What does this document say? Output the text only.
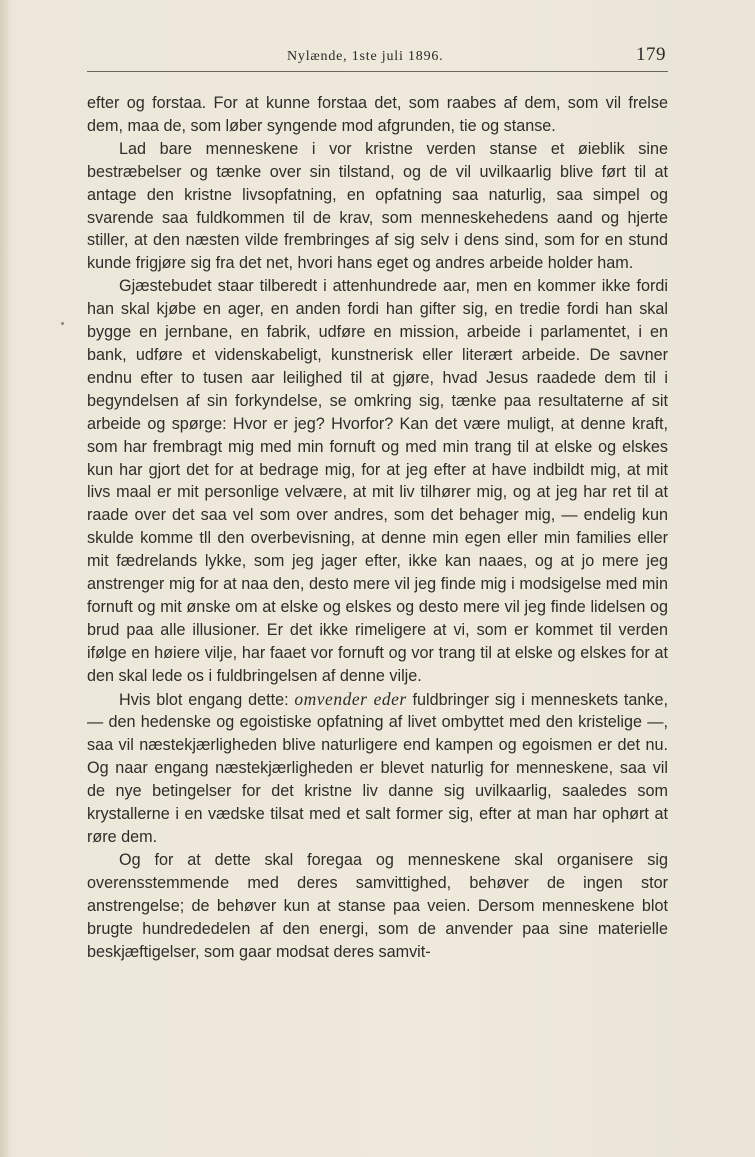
Nylænde, 1ste juli 1896.	179

efter og forstaa. For at kunne forstaa det, som raabes af dem, som vil frelse dem, maa de, som løber syngende mod afgrunden, tie og stanse.

Lad bare menneskene i vor kristne verden stanse et øieblik sine bestræbelser og tænke over sin tilstand, og de vil uvilkaarlig blive ført til at antage den kristne livsopfatning, en opfatning saa naturlig, saa simpel og svarende saa fuldkommen til de krav, som menneskehedens aand og hjerte stiller, at den næsten vilde frembringes af sig selv i dens sind, som for en stund kunde frigjøre sig fra det net, hvori hans eget og andres arbeide holder ham.

Gjæstebudet staar tilberedt i attenhundrede aar, men en kommer ikke fordi han skal kjøbe en ager, en anden fordi han gifter sig, en tredie fordi han skal bygge en jernbane, en fabrik, udføre en mission, arbeide i parlamentet, i en bank, udføre et videnskabeligt, kunstnerisk eller literært arbeide. De savner endnu efter to tusen aar leilighed til at gjøre, hvad Jesus raadede dem til i begyndelsen af sin forkyndelse, se omkring sig, tænke paa resultaterne af sit arbeide og spørge: Hvor er jeg? Hvorfor? Kan det være muligt, at denne kraft, som har frembragt mig med min fornuft og med min trang til at elske og elskes kun har gjort det for at bedrage mig, for at jeg efter at have indbildt mig, at mit livs maal er mit personlige velvære, at mit liv tilhører mig, og at jeg har ret til at raade over det saa vel som over andres, som det behager mig, — endelig kun skulde komme tll den overbevisning, at denne min egen eller min families eller mit fædrelands lykke, som jeg jager efter, ikke kan naaes, og at jo mere jeg anstrenger mig for at naa den, desto mere vil jeg finde mig i modsigelse med min fornuft og mit ønske om at elske og elskes og desto mere vil jeg finde lidelsen og brud paa alle illusioner. Er det ikke rimeligere at vi, som er kommet til verden ifølge en høiere vilje, har faaet vor fornuft og vor trang til at elske og elskes for at den skal lede os i fuldbringelsen af denne vilje.

Hvis blot engang dette: omvender eder fuldbringer sig i menneskets tanke, — den hedenske og egoistiske opfatning af livet ombyttet med den kristelige —, saa vil næstekjærligheden blive naturligere end kampen og egoismen er det nu. Og naar engang næstekjærligheden er blevet naturlig for menneskene, saa vil de nye betingelser for det kristne liv danne sig uvilkaarlig, saaledes som krystallerne i en vædske tilsat med et salt former sig, efter at man har ophørt at røre dem.

Og for at dette skal foregaa og menneskene skal organisere sig overensstemmende med deres samvittighed, behøver de ingen stor anstrengelse; de behøver kun at stanse paa veien. Dersom menneskene blot brugte hundrededelen af den energi, som de anvender paa sine materielle beskjæftigelser, som gaar modsat deres samvit-
